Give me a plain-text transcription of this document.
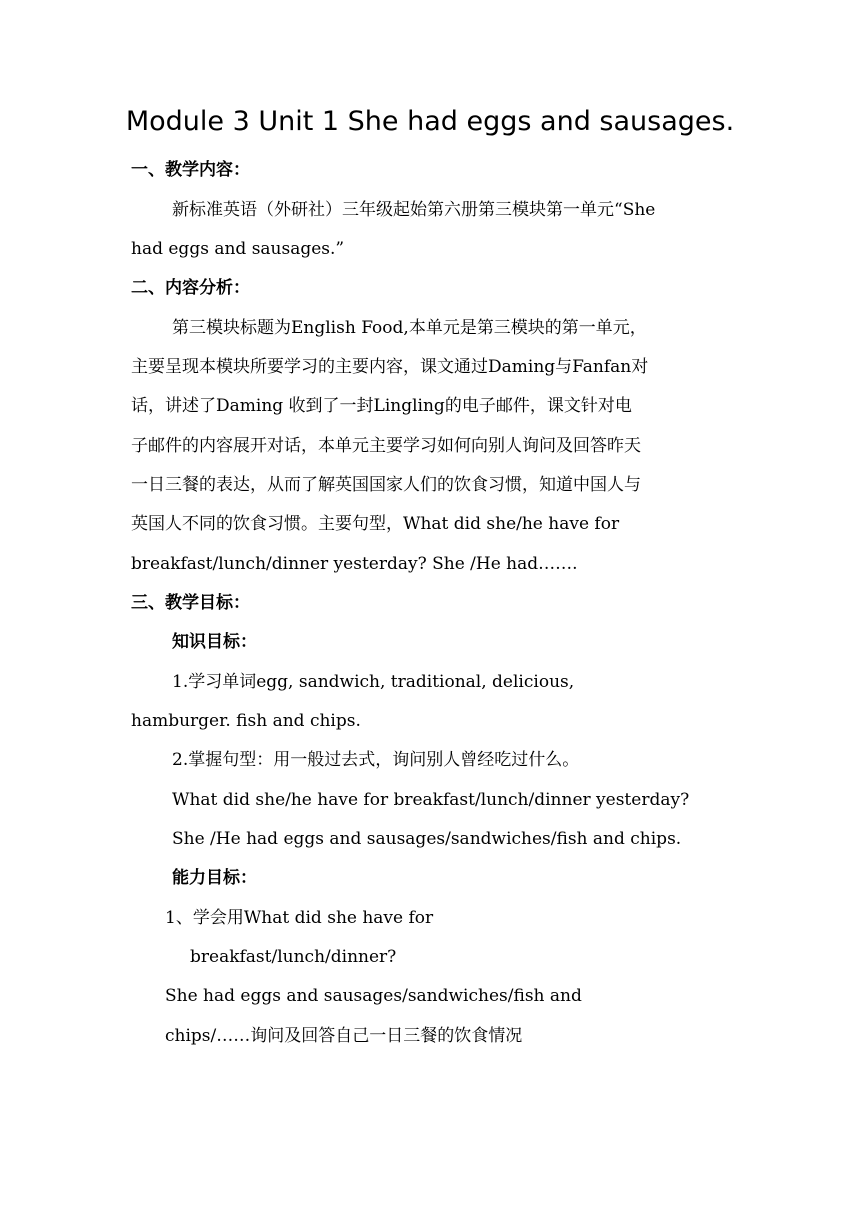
Module 3 Unit 1 She had eggs and sausages.
一、教学内容：
新标准英语（外研社）三年级起始第六册第三模块第一单元“She
had eggs and sausages.”
二、内容分析：
第三模块标题为English Food,本单元是第三模块的第一单元，
主要呈现本模块所要学习的主要内容，课文通过Daming与Fanfan对
话，讲述了Daming 收到了一封Lingling的电子邮件，课文针对电
子邮件的内容展开对话，本单元主要学习如何向别人询问及回答昨天
一日三餐的表达，从而了解英国国家人们的饮食习惯，知道中国人与
英国人不同的饮食习惯。主要句型，What did she/he have for
breakfast/lunch/dinner yesterday? She /He had…….
三、教学目标：
知识目标：
1.学习单词egg, sandwich, traditional, delicious,
hamburger. fish and chips.
2.掌握句型：用一般过去式，询问别人曾经吃过什么。
What did she/he have for breakfast/lunch/dinner yesterday?
She /He had eggs and sausages/sandwiches/fish and chips.
能力目标：
1、学会用What did she have for
breakfast/lunch/dinner?
She had eggs and sausages/sandwiches/fish and
chips/……询问及回答自己一日三餐的饮食情况
